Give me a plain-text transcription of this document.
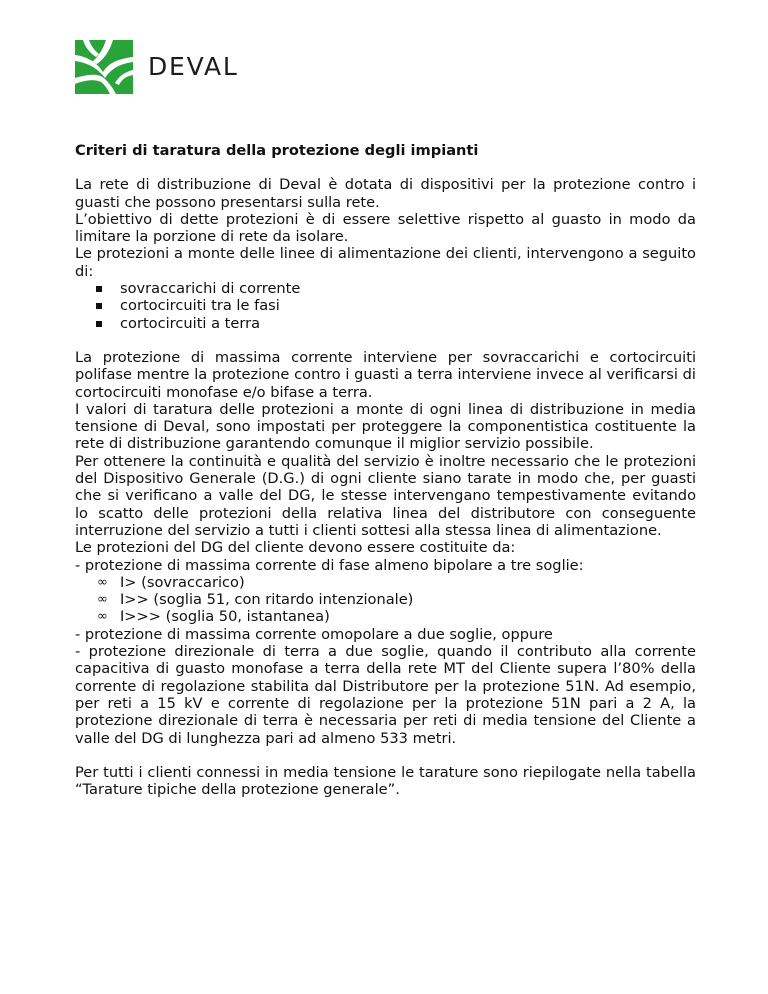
DEVAL
Criteri di taratura della protezione degli impianti

La rete di distribuzione di Deval è dotata di dispositivi per la protezione contro i guasti che possono presentarsi sulla rete.

L’obiettivo di dette protezioni è di essere selettive rispetto al guasto in modo da limitare la porzione di rete da isolare.

Le protezioni a monte delle linee di alimentazione dei clienti, intervengono a seguito di:

sovraccarichi di corrente
cortocircuiti tra le fasi
cortocircuiti a terra

La protezione di massima corrente interviene per sovraccarichi e cortocircuiti polifase mentre la protezione contro i guasti a terra interviene invece al verificarsi di cortocircuiti monofase e/o bifase a terra.

I valori di taratura delle protezioni a monte di ogni linea di distribuzione in media tensione di Deval, sono impostati per proteggere la componentistica costituente la rete di distribuzione garantendo comunque il miglior servizio possibile.

Per ottenere la continuità e qualità del servizio è inoltre necessario che le protezioni del Dispositivo Generale (D.G.) di ogni cliente siano tarate in modo che, per guasti che si verificano a valle del DG, le stesse intervengano tempestivamente evitando lo scatto delle protezioni della relativa linea del distributore con conseguente interruzione del servizio a tutti i clienti sottesi alla stessa linea di alimentazione.

Le protezioni del DG del cliente devono essere costituite da:

- protezione di massima corrente di fase almeno bipolare a tre soglie:

∞ I> (sovraccarico)
∞ I>> (soglia 51, con ritardo intenzionale)
∞ I>>> (soglia 50, istantanea)

- protezione di massima corrente omopolare a due soglie, oppure

- protezione direzionale di terra a due soglie, quando il contributo alla corrente capacitiva di guasto monofase a terra della rete MT del Cliente supera l’80% della corrente di regolazione stabilita dal Distributore per la protezione 51N. Ad esempio, per reti a 15 kV e corrente di regolazione per la protezione 51N pari a 2 A, la protezione direzionale di terra è necessaria per reti di media tensione del Cliente a valle del DG di lunghezza pari ad almeno 533 metri.

Per tutti i clienti connessi in media tensione le tarature sono riepilogate nella tabella “Tarature tipiche della protezione generale”.
